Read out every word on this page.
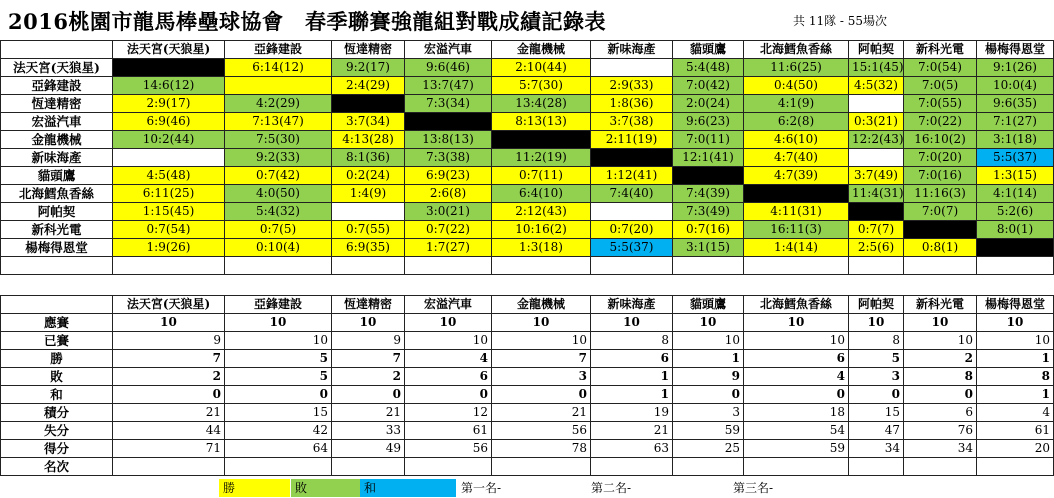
2016桃園市龍馬棒壘球協會　春季聯賽強龍組對戰成績記錄表	共 11隊 - 55場次
	法天宮(天狼星)	亞鋒建設	恆達精密	宏溢汽車	金龍機械	新味海產	貓頭鷹	北海鱈魚香絲	阿帕契	新科光電	楊梅得恩堂
法天宮(天狼星)		6:14(12)	9:2(17)	9:6(46)	2:10(44)		5:4(48)	11:6(25)	15:1(45)	7:0(54)	9:1(26)
亞鋒建設	14:6(12)		2:4(29)	13:7(47)	5:7(30)	2:9(33)	7:0(42)	0:4(50)	4:5(32)	7:0(5)	10:0(4)
恆達精密	2:9(17)	4:2(29)		7:3(34)	13:4(28)	1:8(36)	2:0(24)	4:1(9)		7:0(55)	9:6(35)
宏溢汽車	6:9(46)	7:13(47)	3:7(34)		8:13(13)	3:7(38)	9:6(23)	6:2(8)	0:3(21)	7:0(22)	7:1(27)
金龍機械	10:2(44)	7:5(30)	4:13(28)	13:8(13)		2:11(19)	7:0(11)	4:6(10)	12:2(43)	16:10(2)	3:1(18)
新味海產		9:2(33)	8:1(36)	7:3(38)	11:2(19)		12:1(41)	4:7(40)		7:0(20)	5:5(37)
貓頭鷹	4:5(48)	0:7(42)	0:2(24)	6:9(23)	0:7(11)	1:12(41)		4:7(39)	3:7(49)	7:0(16)	1:3(15)
北海鱈魚香絲	6:11(25)	4:0(50)	1:4(9)	2:6(8)	6:4(10)	7:4(40)	7:4(39)		11:4(31)	11:16(3)	4:1(14)
阿帕契	1:15(45)	5:4(32)		3:0(21)	2:12(43)		7:3(49)	4:11(31)		7:0(7)	5:2(6)
新科光電	0:7(54)	0:7(5)	0:7(55)	0:7(22)	10:16(2)	0:7(20)	0:7(16)	16:11(3)	0:7(7)		8:0(1)
楊梅得恩堂	1:9(26)	0:10(4)	6:9(35)	1:7(27)	1:3(18)	5:5(37)	3:1(15)	1:4(14)	2:5(6)	0:8(1)	

	法天宮(天狼星)	亞鋒建設	恆達精密	宏溢汽車	金龍機械	新味海產	貓頭鷹	北海鱈魚香絲	阿帕契	新科光電	楊梅得恩堂
應賽	10	10	10	10	10	10	10	10	10	10	10
已賽	9	10	9	10	10	8	10	10	8	10	10
勝	7	5	7	4	7	6	1	6	5	2	1
敗	2	5	2	6	3	1	9	4	3	8	8
和	0	0	0	0	0	1	0	0	0	0	1
積分	21	15	21	12	21	19	3	18	15	6	4
失分	44	42	33	61	56	21	59	54	47	76	61
得分	71	64	49	56	78	63	25	59	34	34	20
名次											
勝	敗	和	第一名-	第二名-	第三名-
